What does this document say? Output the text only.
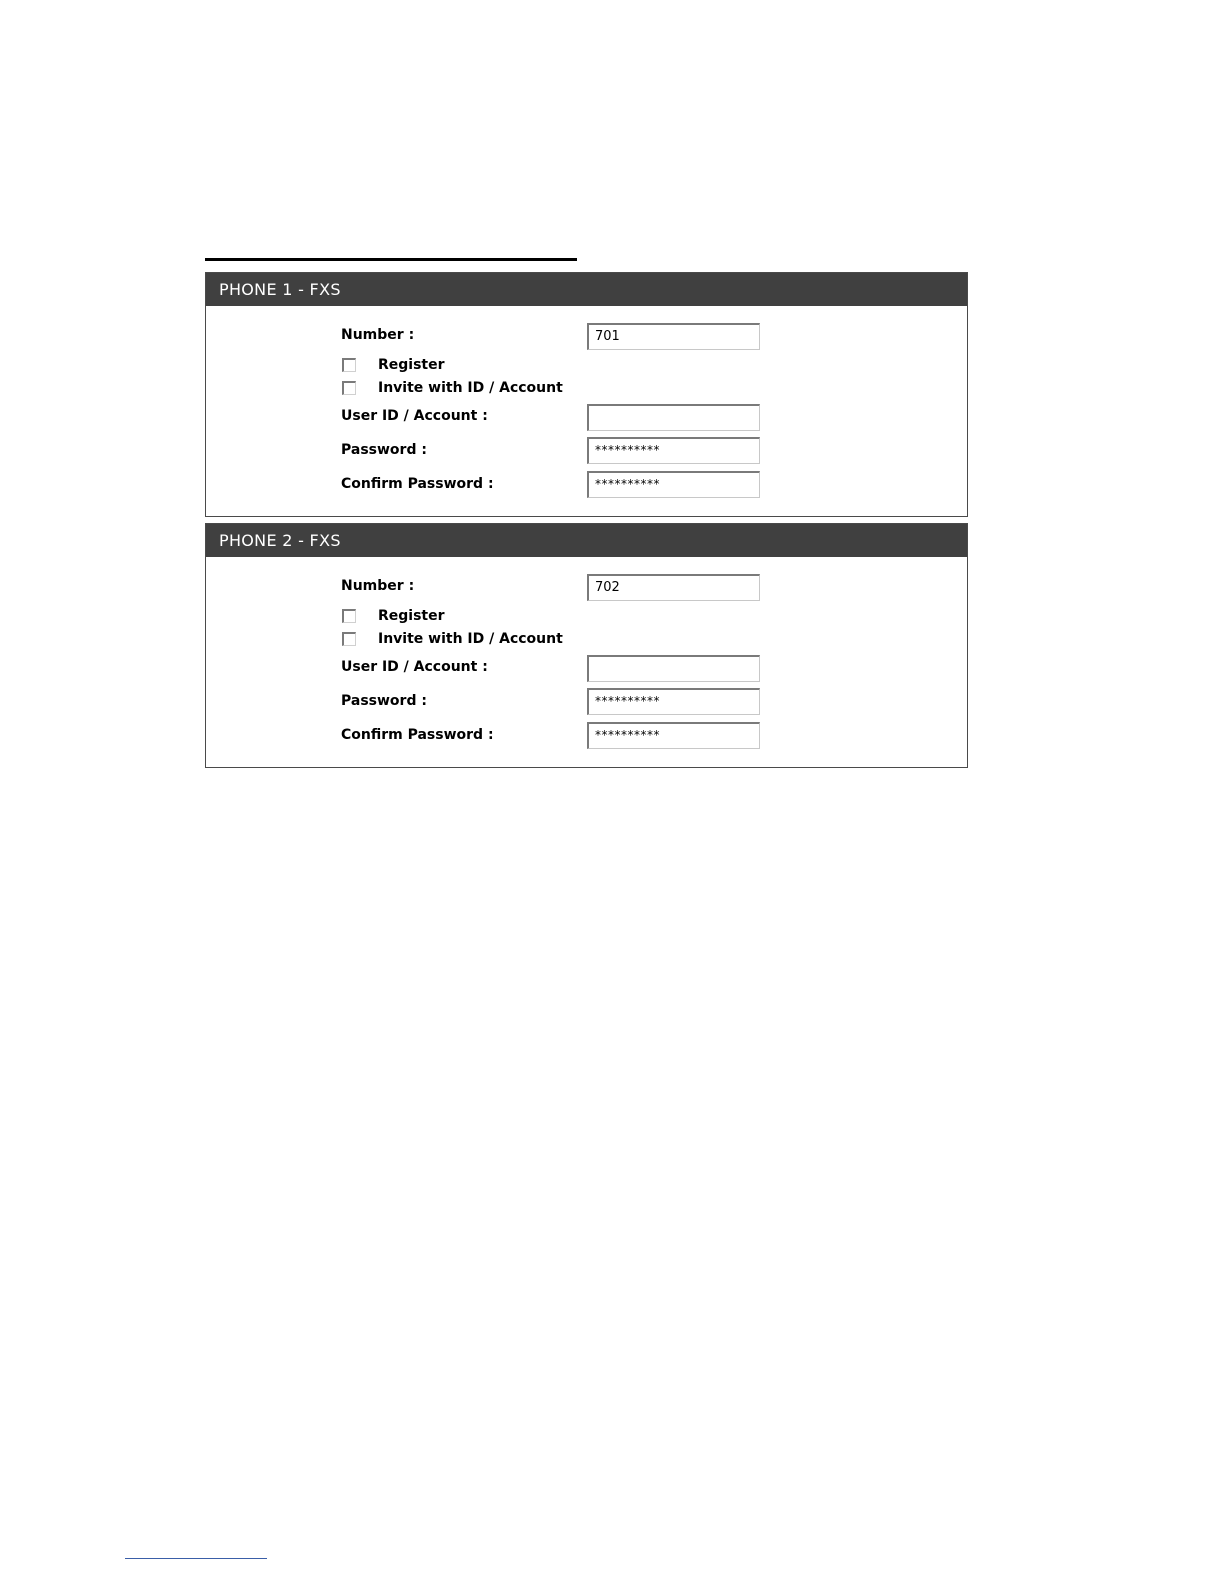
PHONE 1 - FXS
Number :	701
Register
Invite with ID / Account
User ID / Account :
Password :	**********
Confirm Password :	**********
PHONE 2 - FXS
Number :	702
Register
Invite with ID / Account
User ID / Account :
Password :	**********
Confirm Password :	**********
